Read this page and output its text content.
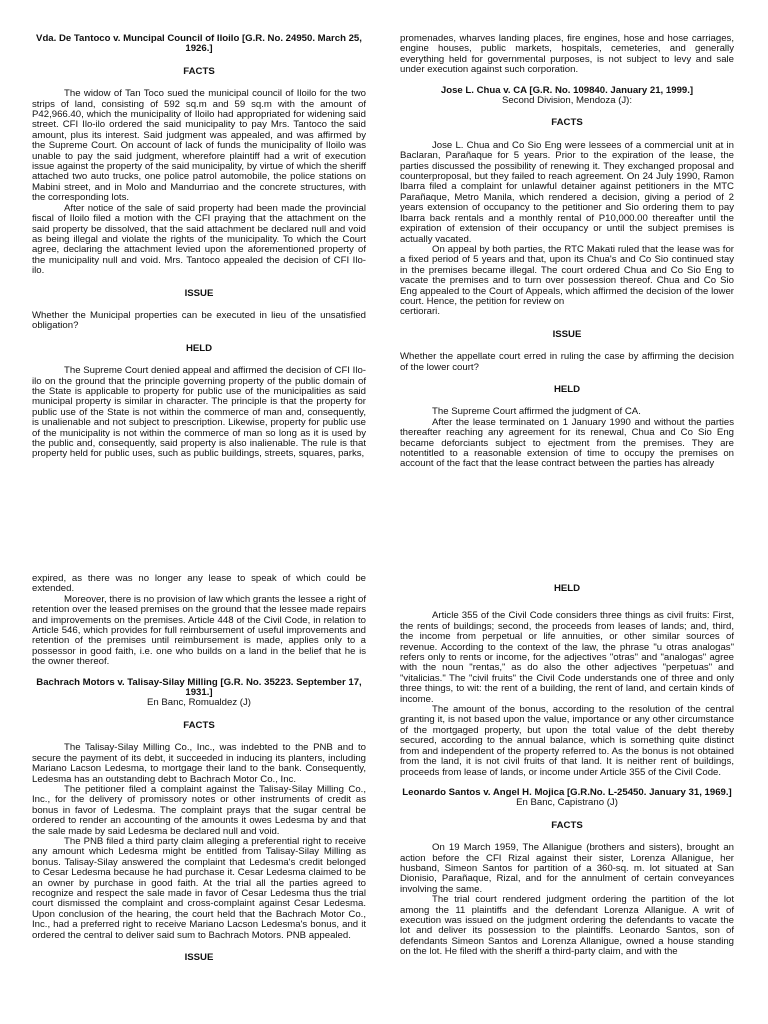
Vda. De Tantoco v. Muncipal Council of Iloilo [G.R. No. 24950. March 25, 1926.]
FACTS

The widow of Tan Toco sued the municipal council of Iloilo for the two strips of land, consisting of 592 sq.m and 59 sq.m with the amount of P42,966.40, which the municipality of Iloilo had appropriated for widening said street. CFI Ilo-ilo ordered the said municipality to pay Mrs. Tantoco the said amount, plus its interest. Said judgment was appealed, and was affirmed by the Supreme Court. On account of lack of funds the municipality of Iloilo was unable to pay the said judgment, wherefore plaintiff had a writ of execution issue against the property of the said municipality, by virtue of which the sheriff attached two auto trucks, one police patrol automobile, the police stations on Mabini street, and in Molo and Mandurriao and the concrete structures, with the corresponding lots.

After notice of the sale of said property had been made the provincial fiscal of Iloilo filed a motion with the CFI praying that the attachment on the said property be dissolved, that the said attachment be declared null and void as being illegal and violate the rights of the municipality. To which the Court agree, declaring the attachment levied upon the aforementioned property of the municipality null and void. Mrs. Tantoco appealed the decision of CFI Ilo-ilo.

ISSUE

Whether the Municipal properties can be executed in lieu of the unsatisfied obligation?

HELD

The Supreme Court denied appeal and affirmed the decision of CFI Ilo-ilo on the ground that the principle governing property of the public domain of the State is applicable to property for public use of the municipalities as said municipal property is similar in character. The principle is that the property for public use of the State is not within the commerce of man and, consequently, is unalienable and not subject to prescription. Likewise, property for public use of the municipality is not within the commerce of man so long as it is used by the public and, consequently, said property is also inalienable. The rule is that property held for public uses, such as public buildings, streets, squares, parks,

promenades, wharves landing places, fire engines, hose and hose carriages, engine houses, public markets, hospitals, cemeteries, and generally everything held for governmental purposes, is not subject to levy and sale under execution against such corporation.

Jose L. Chua v. CA [G.R. No. 109840. January 21, 1999.]
Second Division, Mendoza (J):
FACTS

Jose L. Chua and Co Sio Eng were lessees of a commercial unit at in Baclaran, Parañaque for 5 years. Prior to the expiration of the lease, the parties discussed the possibility of renewing it. They exchanged proposal and counterproposal, but they failed to reach agreement. On 24 July 1990, Ramon Ibarra filed a complaint for unlawful detainer against petitioners in the MTC Parañaque, Metro Manila, which rendered a decision, giving a period of 2 years extension of occupancy to the petitioner and Sio ordering them to pay Ibarra back rentals and a monthly rental of P10,000.00 thereafter until the expiration of extension of their occupancy or until the subject premises is actually vacated.

On appeal by both parties, the RTC Makati ruled that the lease was for a fixed period of 5 years and that, upon its Chua's and Co Sio continued stay in the premises became illegal. The court ordered Chua and Co Sio Eng to vacate the premises and to turn over possession thereof. Chua and Co Sio Eng appealed to the Court of Appeals, which affirmed the decision of the lower court. Hence, the petition for review on

certiorari.

ISSUE

Whether the appellate court erred in ruling the case by affirming the decision of the lower court?

HELD

The Supreme Court affirmed the judgment of CA.

After the lease terminated on 1 January 1990 and without the parties thereafter reaching any agreement for its renewal, Chua and Co Sio Eng became deforciants subject to ejectment from the premises. They are notentitled to a reasonable extension of time to occupy the premises on account of the fact that the lease contract between the parties has already

expired, as there was no longer any lease to speak of which could be extended.

Moreover, there is no provision of law which grants the lessee a right of retention over the leased premises on the ground that the lessee made repairs and improvements on the premises. Article 448 of the Civil Code, in relation to Article 546, which provides for full reimbursement of useful improvements and retention of the premises until reimbursement is made, applies only to a possessor in good faith, i.e. one who builds on a land in the belief that he is the owner thereof.

Bachrach Motors v. Talisay-Silay Milling [G.R. No. 35223. September 17, 1931.]
En Banc, Romualdez (J)
FACTS

The Talisay-Silay Milling Co., Inc., was indebted to the PNB and to secure the payment of its debt, it succeeded in inducing its planters, including Mariano Lacson Ledesma, to mortgage their land to the bank. Consequently, Ledesma has an outstanding debt to Bachrach Motor Co., Inc.

The petitioner filed a complaint against the Talisay-Silay Milling Co., Inc., for the delivery of promissory notes or other instruments of credit as bonus in favor of Ledesma. The complaint prays that the sugar central be ordered to render an accounting of the amounts it owes Ledesma by and that the sale made by said Ledesma be declared null and void.

The PNB filed a third party claim alleging a preferential right to receive any amount which Ledesma might be entitled from Talisay-Silay Milling as bonus. Talisay-Silay answered the complaint that Ledesma's credit belonged to Cesar Ledesma because he had purchase it. Cesar Ledesma claimed to be an owner by purchase in good faith. At the trial all the parties agreed to recognize and respect the sale made in favor of Cesar Ledesma thus the trial court dismissed the complaint and cross-complaint against Cesar Ledesma. Upon conclusion of the hearing, the court held that the Bachrach Motor Co., Inc., had a preferred right to receive Mariano Lacson Ledesma's bonus, and it ordered the central to deliver said sum to Bachrach Motors. PNB appealed.

ISSUE
HELD

Article 355 of the Civil Code considers three things as civil fruits: First, the rents of buildings; second, the proceeds from leases of lands; and, third, the income from perpetual or life annuities, or other similar sources of revenue. According to the context of the law, the phrase "u otras analogas" refers only to rents or income, for the adjectives "otras" and "analogas" agree with the noun "rentas," as do also the other adjectives "perpetuas" and "vitalicias." The "civil fruits" the Civil Code understands one of three and only three things, to wit: the rent of a building, the rent of land, and certain kinds of income.

The amount of the bonus, according to the resolution of the central granting it, is not based upon the value, importance or any other circumstance of the mortgaged property, but upon the total value of the debt thereby secured, according to the annual balance, which is something quite distinct from and independent of the property referred to. As the bonus is not obtained from the land, it is not civil fruits of that land. It is neither rent of buildings, proceeds from lease of lands, or income under Article 355 of the Civil Code.

Leonardo Santos v. Angel H. Mojica [G.R.No. L-25450. January 31, 1969.]
En Banc, Capistrano (J)
FACTS

On 19 March 1959, The Allanigue (brothers and sisters), brought an action before the CFI Rizal against their sister, Lorenza Allanigue, her husband, Simeon Santos for partition of a 360-sq. m. lot situated at San Dionisio, Parañaque, Rizal, and for the annulment of certain conveyances involving the same.

The trial court rendered judgment ordering the partition of the lot among the 11 plaintiffs and the defendant Lorenza Allanigue. A writ of execution was issued on the judgment ordering the defendants to vacate the lot and deliver its possession to the plaintiffs. Leonardo Santos, son of defendants Simeon Santos and Lorenza Allanigue, owned a house standing on the lot. He filed with the sheriff a third-party claim, and with the
